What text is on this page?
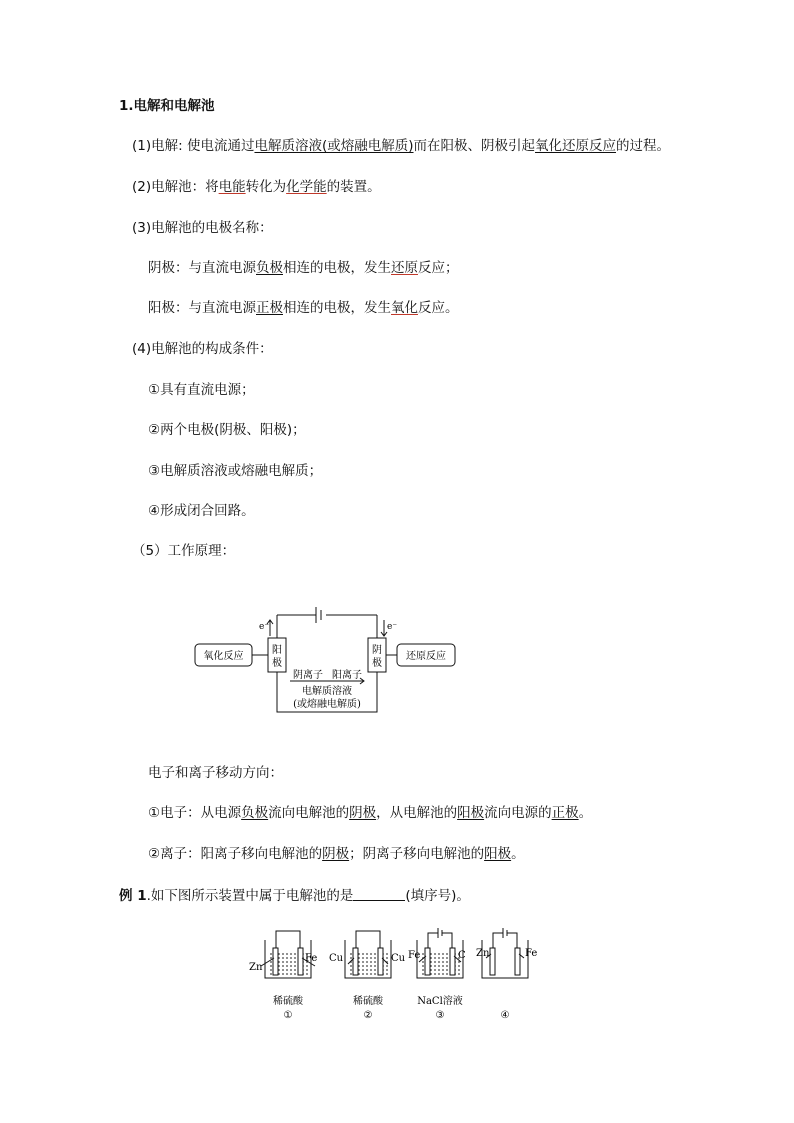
1.电解和电解池
(1)电解: 使电流通过电解质溶液(或熔融电解质)而在阳极、阴极引起氧化还原反应的过程。
(2)电解池：将电能转化为化学能的装置。
(3)电解池的电极名称：
阴极：与直流电源负极相连的电极，发生还原反应；
阳极：与直流电源正极相连的电极，发生氧化反应。
(4)电解池的构成条件：
①具有直流电源；
②两个电极(阴极、阳极)；
③电解质溶液或熔融电解质；
④形成闭合回路。
（5）工作原理：
e⁻	e⁻
氧化反应	还原反应
阳
极
阴
极
阴离子 阳离子
电解质溶液
(或熔融电解质)
电子和离子移动方向：
①电子：从电源负极流向电解池的阴极，从电解池的阳极流向电源的正极。
②离子：阳离子移向电解池的阴极；阴离子移向电解池的阳极。
例 1.如下图所示装置中属于电解池的是	(填序号)。
Zn
Fe
稀硫酸
①
Cu	Cu
稀硫酸
②
Fe	C
NaCl溶液
③
Zn	Fe
④
